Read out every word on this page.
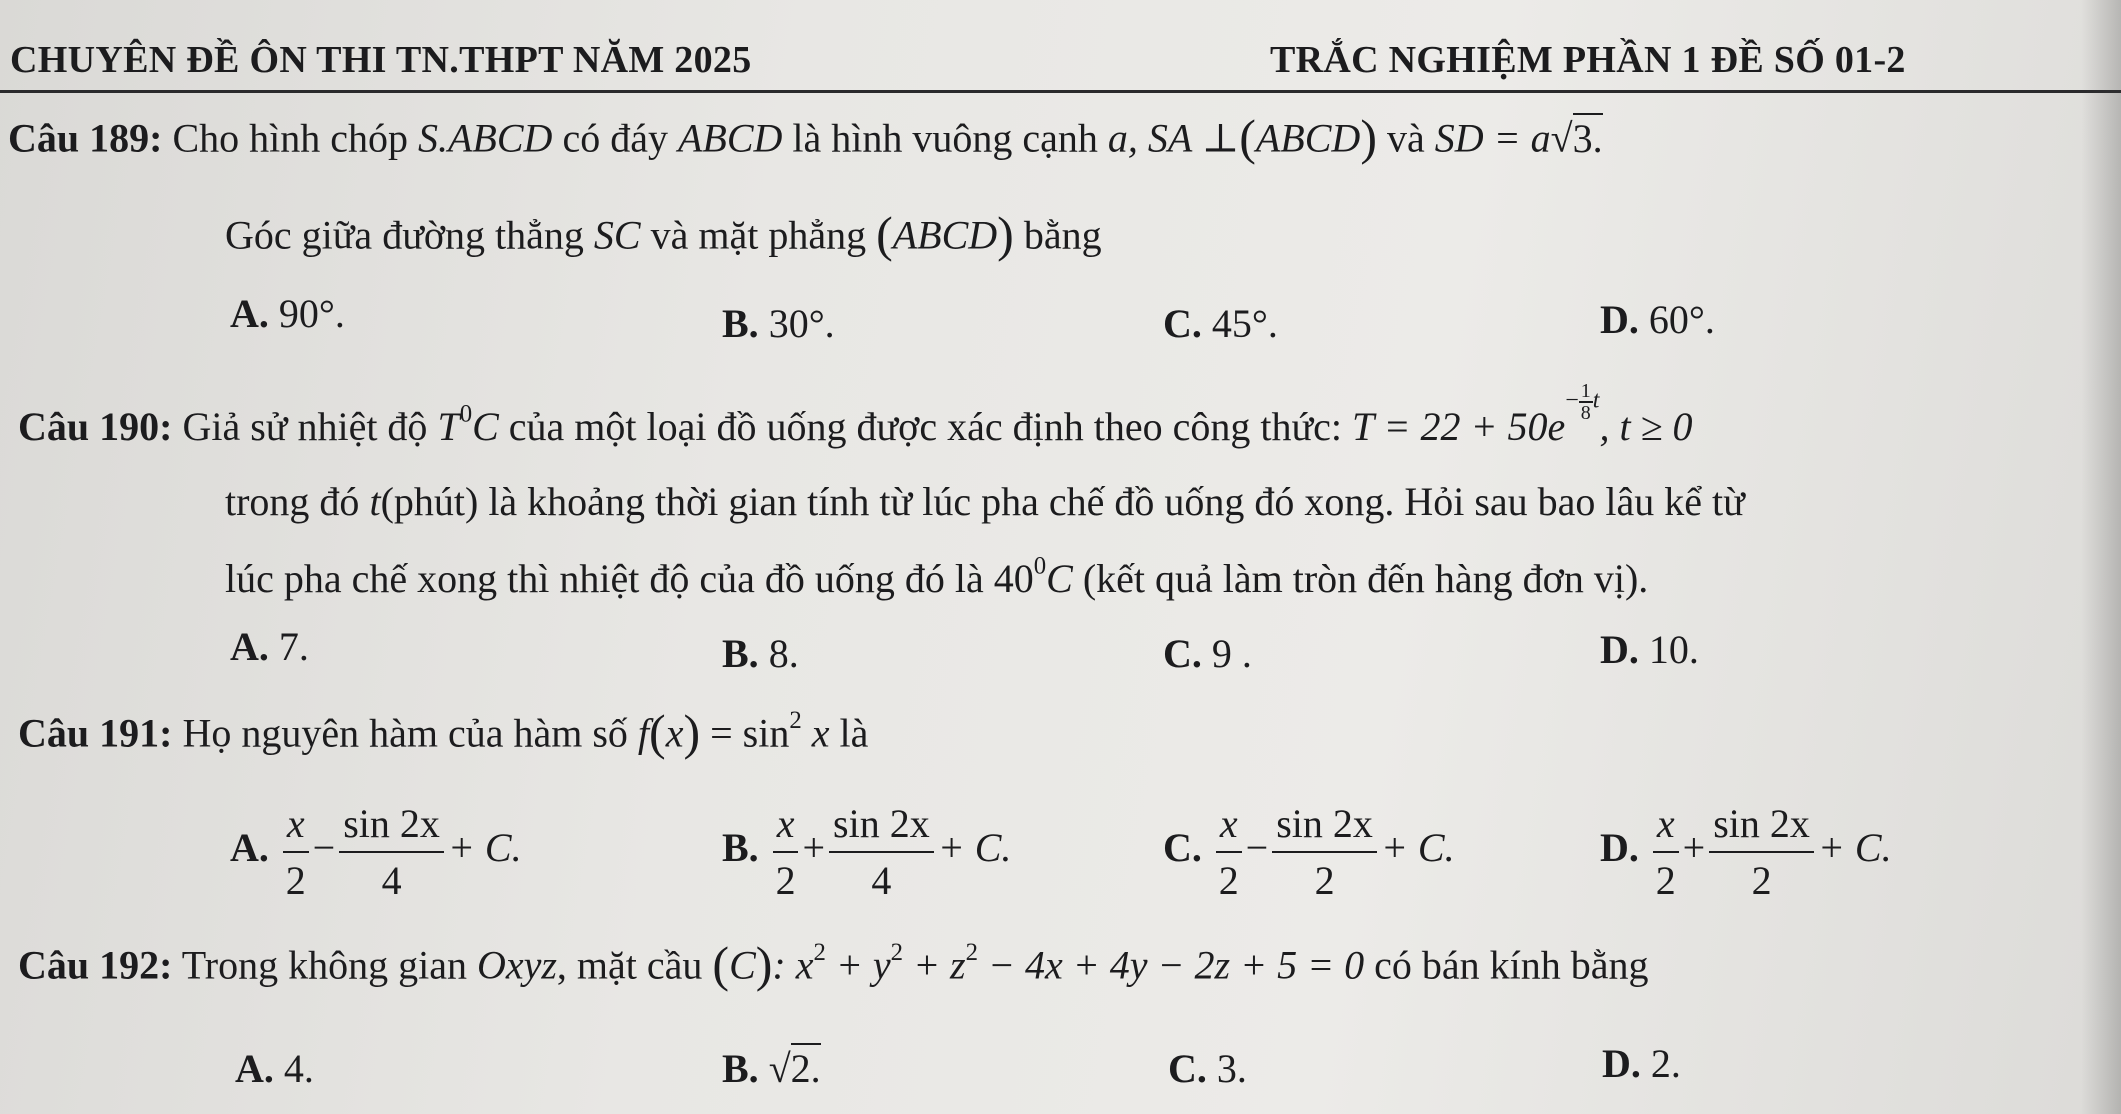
CHUYÊN ĐỀ ÔN THI TN.THPT NĂM 2025	TRẮC NGHIỆM PHẦN 1 ĐỀ SỐ 01-2
Câu 189: Cho hình chóp S.ABCD có đáy ABCD là hình vuông cạnh a, SA ⊥(ABCD) và SD = a√3.
Góc giữa đường thẳng SC và mặt phẳng (ABCD) bằng
A. 90°.	B. 30°.	C. 45°.	D. 60°.
Câu 190: Giả sử nhiệt độ $T^0C$ của một loại đồ uống được xác định theo công thức: $T = 22 + 50e- \frac{1}{8} t$, t ≥ 0
trong đó t(phút) là khoảng thời gian tính từ lúc pha chế đồ uống đó xong. Hỏi sau bao lâu kể từ
lúc pha chế xong thì nhiệt độ của đồ uống đó là $40^0C$ (kết quả làm tròn đến hàng đơn vị).
A. 7.	B. 8.	C. 9 .	D. 10.
Câu 191: Họ nguyên hàm của hàm số $f(x) = \sin^2 x$ là
A. $\frac{x}{2} - \frac{\sin 2x}{4} + C$.	B. $\frac{x}{2} + \frac{\sin 2x}{4} + C$.	C. $\frac{x}{2} - \frac{\sin 2x}{2} + C$.	D. $\frac{x}{2} + \frac{\sin 2x}{2} + C$.
Câu 192: Trong không gian Oxyz, mặt cầu (C): $x^2 + y^2 + z^2 - 4x + 4y - 2z + 5 = 0$ có bán kính bằng
A. 4.	B. √2.	C. 3.	D. 2.
